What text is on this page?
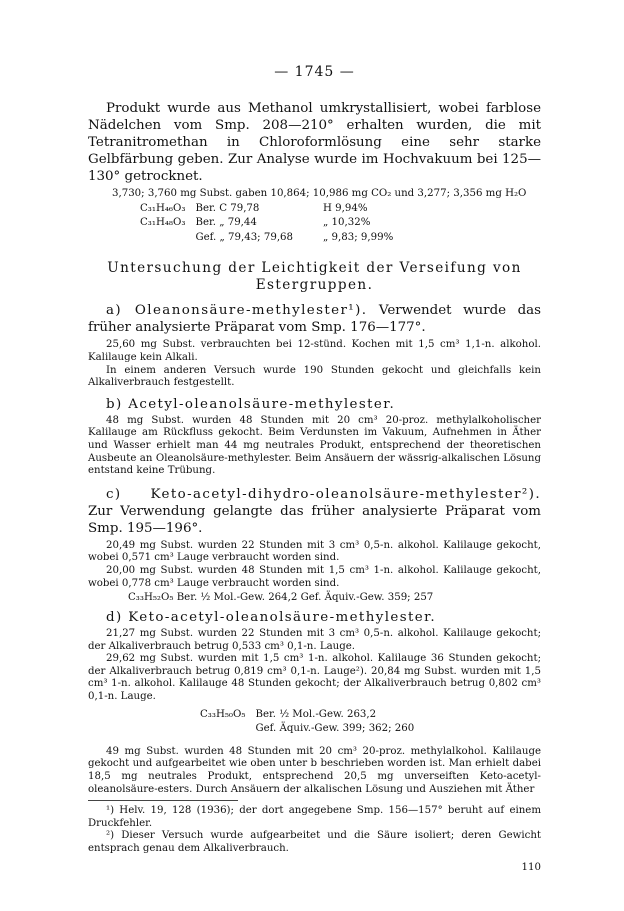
— 1745 —

Produkt wurde aus Methanol umkrystallisiert, wobei farblose Nädelchen vom Smp. 208—210° erhalten wurden, die mit Tetranitromethan in Chloroformlösung eine sehr starke Gelbfärbung geben. Zur Analyse wurde im Hochvakuum bei 125—130° getrocknet.

3,730; 3,760 mg Subst. gaben 10,864; 10,986 mg CO₂ und 3,277; 3,356 mg H₂O

C₃₁H₄₆O₃	Ber. C 79,78	H 9,94%
C₃₁H₄₈O₃	Ber. „ 79,44	„ 10,32%
	Gef. „ 79,43; 79,68	„ 9,83; 9,99%
Untersuchung der Leichtigkeit der Verseifung von Estergruppen.

a) Oleanonsäure-methylester¹). Verwendet wurde das früher analysierte Präparat vom Smp. 176—177°.

25,60 mg Subst. verbrauchten bei 12-stünd. Kochen mit 1,5 cm³ 1,1-n. alkohol. Kalilauge kein Alkali.

In einem anderen Versuch wurde 190 Stunden gekocht und gleichfalls kein Alkaliverbrauch festgestellt.

b) Acetyl-oleanolsäure-methylester.

48 mg Subst. wurden 48 Stunden mit 20 cm³ 20-proz. methylalkoholischer Kalilauge am Rückfluss gekocht. Beim Verdunsten im Vakuum, Aufnehmen in Äther und Wasser erhielt man 44 mg neutrales Produkt, entsprechend der theoretischen Ausbeute an Oleanolsäure-methylester. Beim Ansäuern der wässrig-alkalischen Lösung entstand keine Trübung.

c) Keto-acetyl-dihydro-oleanolsäure-methylester²). Zur Verwendung gelangte das früher analysierte Präparat vom Smp. 195—196°.

20,49 mg Subst. wurden 22 Stunden mit 3 cm³ 0,5-n. alkohol. Kalilauge gekocht, wobei 0,571 cm³ Lauge verbraucht worden sind.

20,00 mg Subst. wurden 48 Stunden mit 1,5 cm³ 1-n. alkohol. Kalilauge gekocht, wobei 0,778 cm³ Lauge verbraucht worden sind.

C₃₃H₅₂O₅ Ber. ½ Mol.-Gew. 264,2 Gef. Äquiv.-Gew. 359; 257

d) Keto-acetyl-oleanolsäure-methylester.

21,27 mg Subst. wurden 22 Stunden mit 3 cm³ 0,5-n. alkohol. Kalilauge gekocht; der Alkaliverbrauch betrug 0,533 cm³ 0,1-n. Lauge.

29,62 mg Subst. wurden mit 1,5 cm³ 1-n. alkohol. Kalilauge 36 Stunden gekocht; der Alkaliverbrauch betrug 0,819 cm³ 0,1-n. Lauge²). 20,84 mg Subst. wurden mit 1,5 cm³ 1-n. alkohol. Kalilauge 48 Stunden gekocht; der Alkaliverbrauch betrug 0,802 cm³ 0,1-n. Lauge.

C₃₃H₅₀O₅	Ber. ½ Mol.-Gew. 263,2
	Gef. Äquiv.-Gew. 399; 362; 260

49 mg Subst. wurden 48 Stunden mit 20 cm³ 20-proz. methylalkohol. Kalilauge gekocht und aufgearbeitet wie oben unter b beschrieben worden ist. Man erhielt dabei 18,5 mg neutrales Produkt, entsprechend 20,5 mg unverseiften Keto-acetyl-oleanolsäure-esters. Durch Ansäuern der alkalischen Lösung und Ausziehen mit Äther

¹) Helv. 19, 128 (1936); der dort angegebene Smp. 156—157° beruht auf einem Druckfehler.

²) Dieser Versuch wurde aufgearbeitet und die Säure isoliert; deren Gewicht entsprach genau dem Alkaliverbrauch.

110
